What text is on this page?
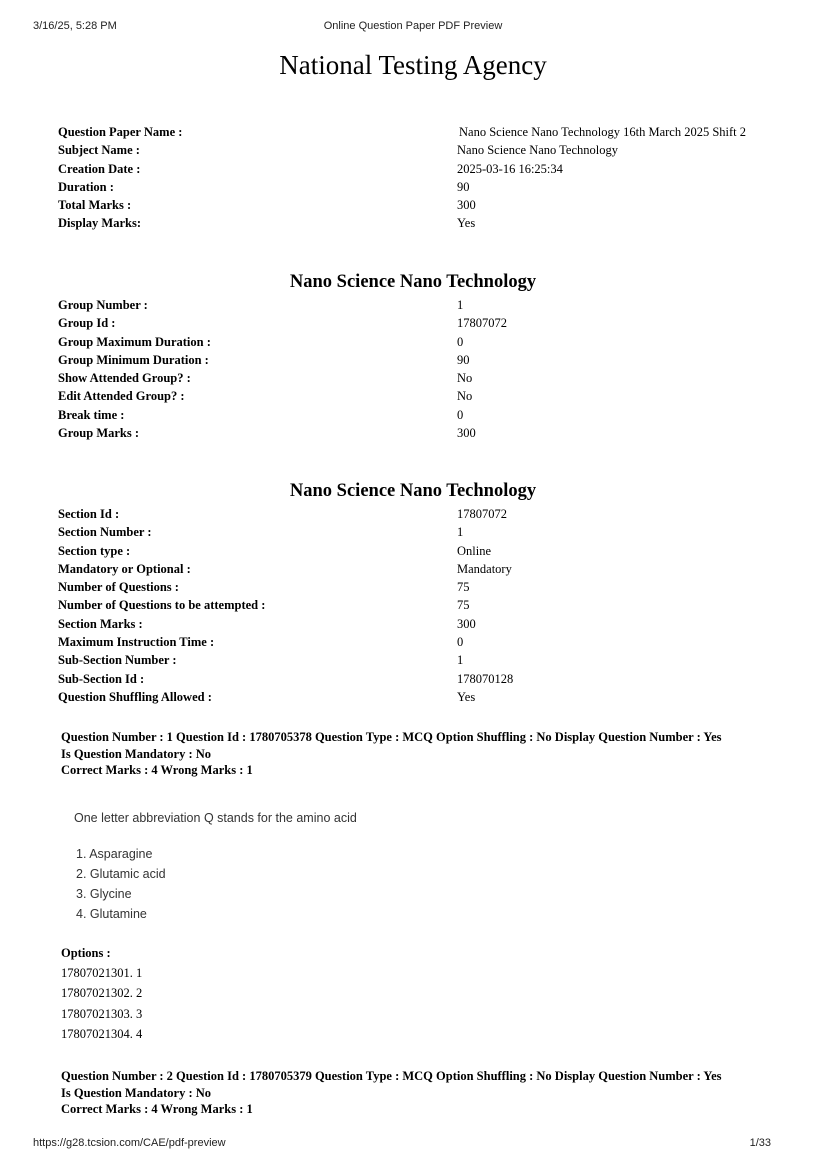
3/16/25, 5:28 PM	Online Question Paper PDF Preview
National Testing Agency
Question Paper Name :	Nano Science Nano Technology 16th March 2025 Shift 2
Subject Name :	Nano Science Nano Technology
Creation Date :	2025-03-16 16:25:34
Duration :	90
Total Marks :	300
Display Marks:	Yes
Nano Science Nano Technology
Group Number :	1
Group Id :	17807072
Group Maximum Duration :	0
Group Minimum Duration :	90
Show Attended Group? :	No
Edit Attended Group? :	No
Break time :	0
Group Marks :	300
Nano Science Nano Technology
Section Id :	17807072
Section Number :	1
Section type :	Online
Mandatory or Optional :	Mandatory
Number of Questions :	75
Number of Questions to be attempted :	75
Section Marks :	300
Maximum Instruction Time :	0
Sub-Section Number :	1
Sub-Section Id :	178070128
Question Shuffling Allowed :	Yes
Question Number : 1 Question Id : 1780705378 Question Type : MCQ Option Shuffling : No Display Question Number : Yes
Is Question Mandatory : No
Correct Marks : 4 Wrong Marks : 1
One letter abbreviation Q stands for the amino acid
1. Asparagine
2. Glutamic acid
3. Glycine
4. Glutamine
Options :
17807021301. 1
17807021302. 2
17807021303. 3
17807021304. 4
Question Number : 2 Question Id : 1780705379 Question Type : MCQ Option Shuffling : No Display Question Number : Yes
Is Question Mandatory : No
Correct Marks : 4 Wrong Marks : 1
https://g28.tcsion.com/CAE/pdf-preview	1/33
